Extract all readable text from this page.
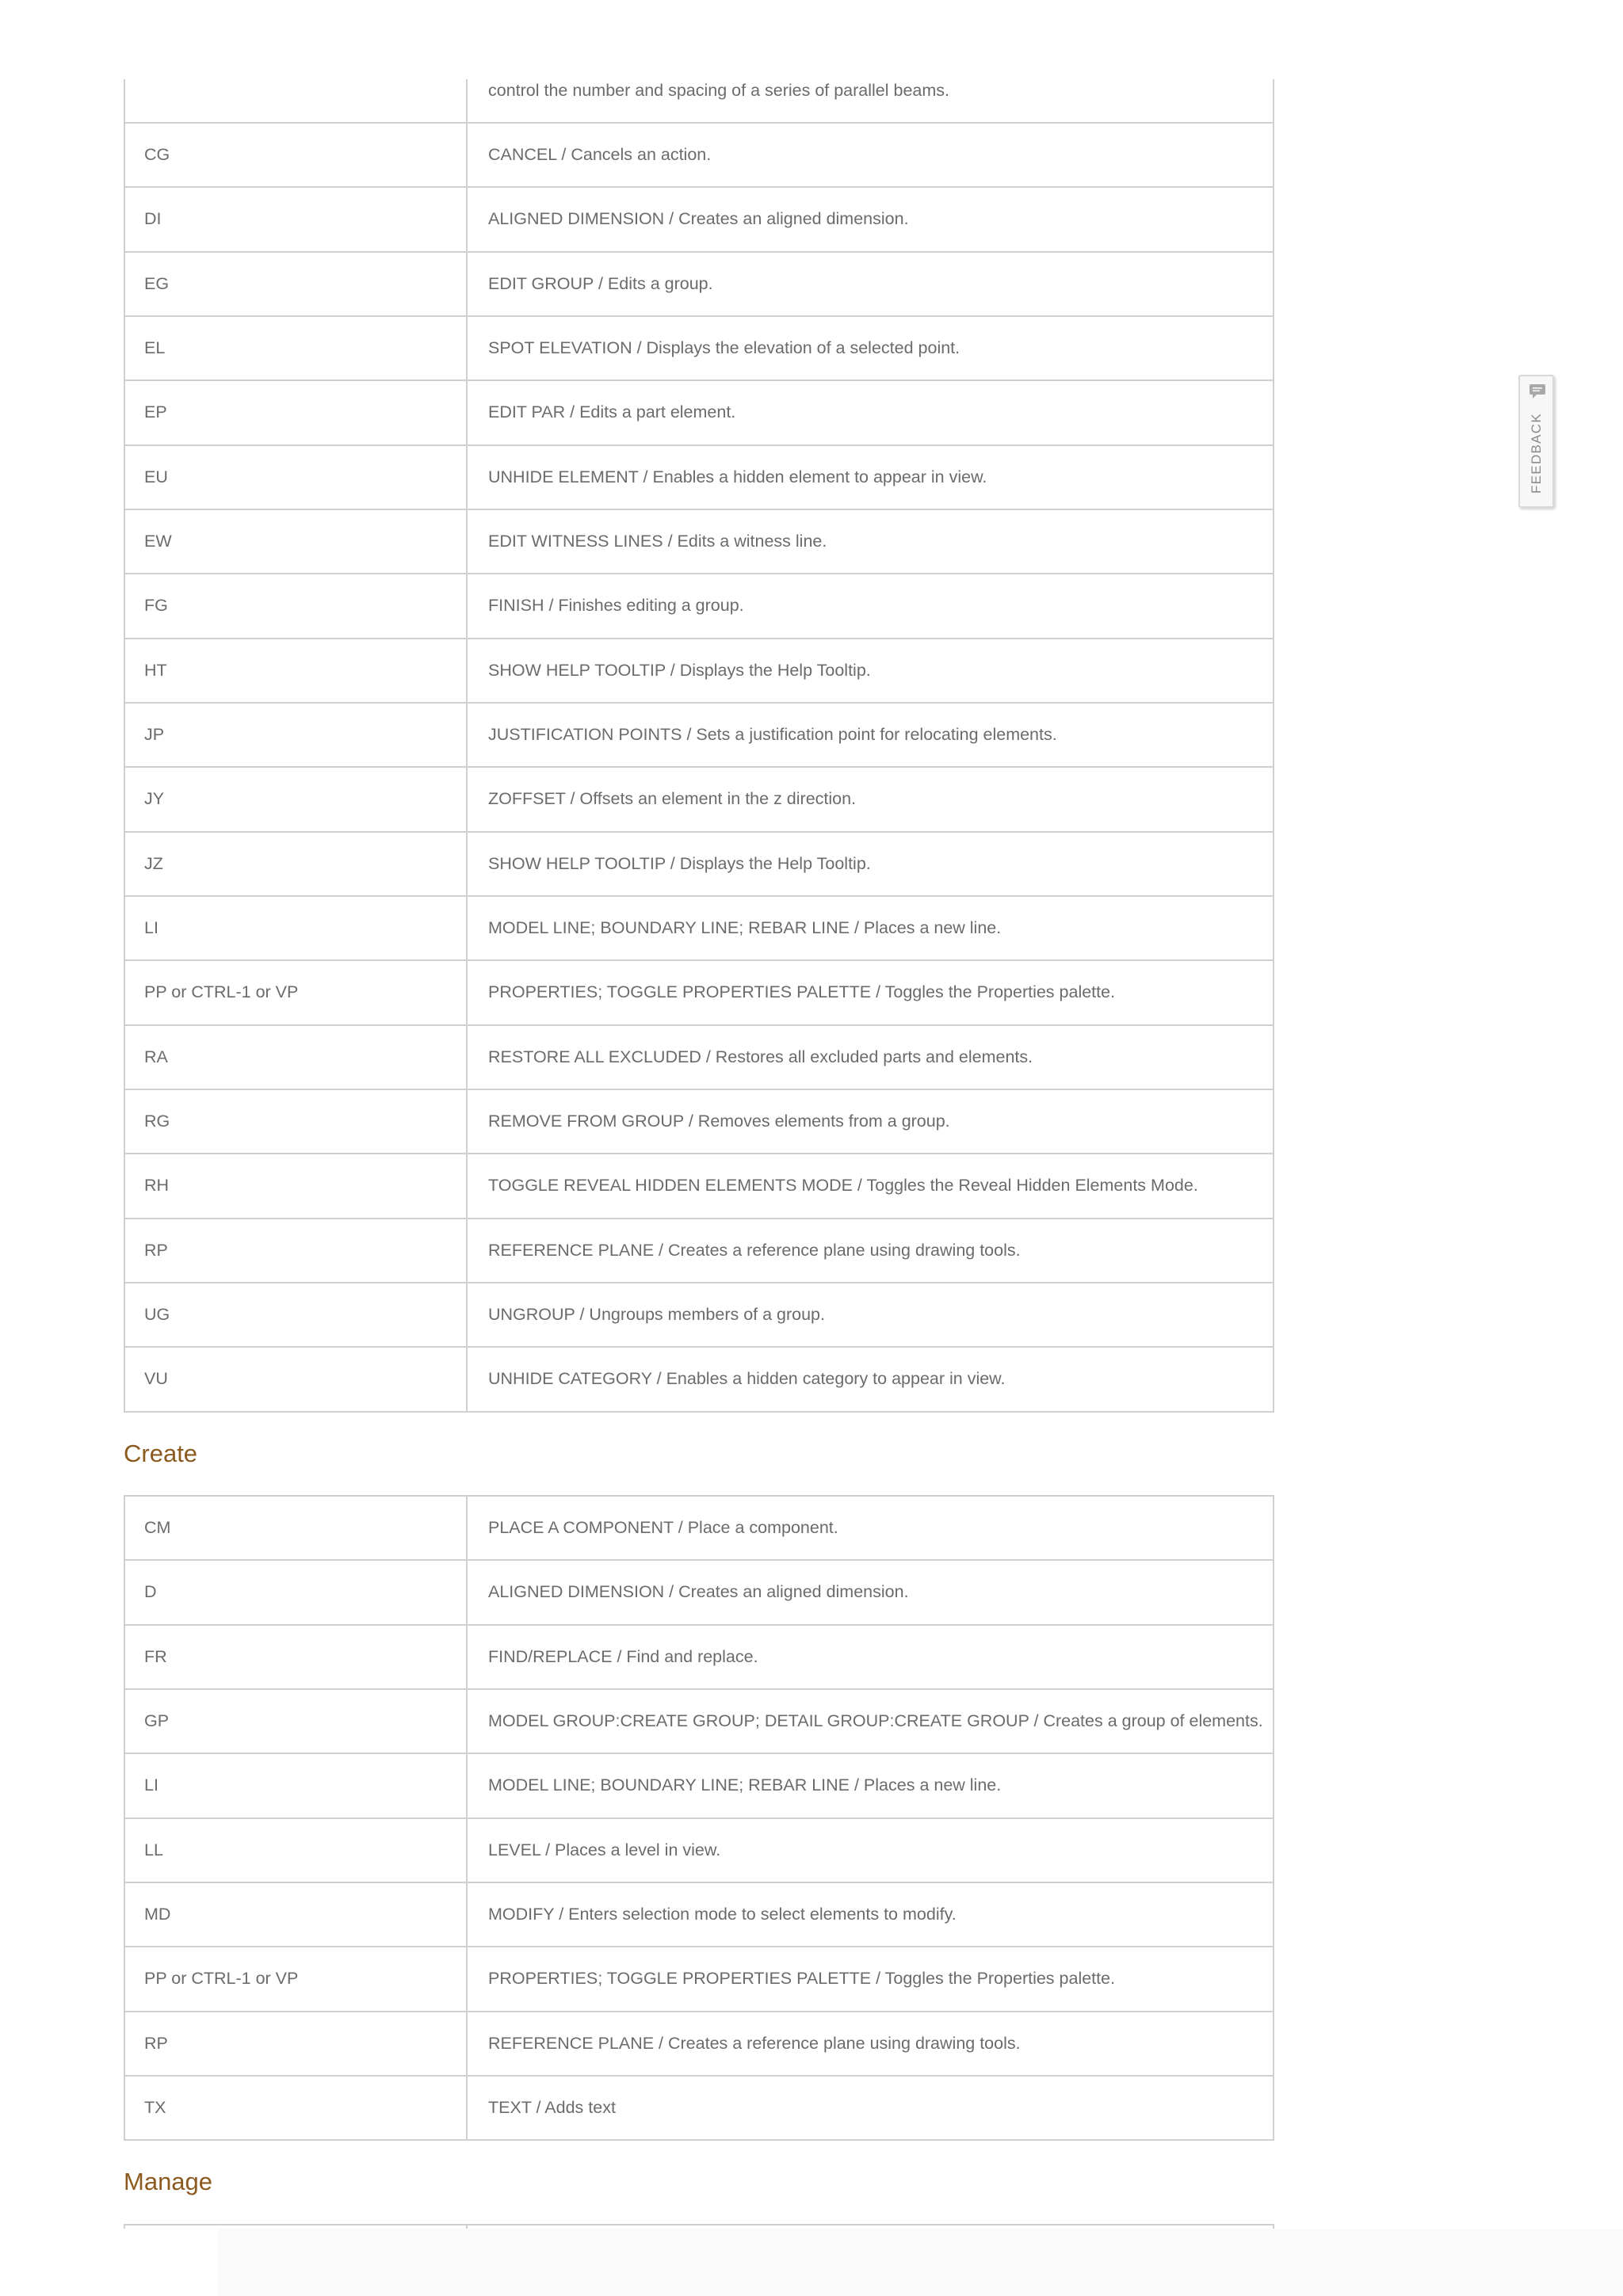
control the number and spacing of a series of parallel beams.
CG	CANCEL / Cancels an action.
DI	ALIGNED DIMENSION / Creates an aligned dimension.
EG	EDIT GROUP / Edits a group.
EL	SPOT ELEVATION / Displays the elevation of a selected point.
EP	EDIT PAR / Edits a part element.
EU	UNHIDE ELEMENT / Enables a hidden element to appear in view.
EW	EDIT WITNESS LINES / Edits a witness line.
FG	FINISH / Finishes editing a group.
HT	SHOW HELP TOOLTIP / Displays the Help Tooltip.
JP	JUSTIFICATION POINTS / Sets a justification point for relocating elements.
JY	ZOFFSET / Offsets an element in the z direction.
JZ	SHOW HELP TOOLTIP / Displays the Help Tooltip.
LI	MODEL LINE; BOUNDARY LINE; REBAR LINE / Places a new line.
PP or CTRL-1 or VP	PROPERTIES; TOGGLE PROPERTIES PALETTE / Toggles the Properties palette.
RA	RESTORE ALL EXCLUDED / Restores all excluded parts and elements.
RG	REMOVE FROM GROUP / Removes elements from a group.
RH	TOGGLE REVEAL HIDDEN ELEMENTS MODE / Toggles the Reveal Hidden Elements Mode.
RP	REFERENCE PLANE / Creates a reference plane using drawing tools.
UG	UNGROUP / Ungroups members of a group.
VU	UNHIDE CATEGORY / Enables a hidden category to appear in view.
Create
CM	PLACE A COMPONENT / Place a component.
D	ALIGNED DIMENSION / Creates an aligned dimension.
FR	FIND/REPLACE / Find and replace.
GP	MODEL GROUP:CREATE GROUP; DETAIL GROUP:CREATE GROUP / Creates a group of elements.
LI	MODEL LINE; BOUNDARY LINE; REBAR LINE / Places a new line.
LL	LEVEL / Places a level in view.
MD	MODIFY / Enters selection mode to select elements to modify.
PP or CTRL-1 or VP	PROPERTIES; TOGGLE PROPERTIES PALETTE / Toggles the Properties palette.
RP	REFERENCE PLANE / Creates a reference plane using drawing tools.
TX	TEXT / Adds text
Manage
FEEDBACK
